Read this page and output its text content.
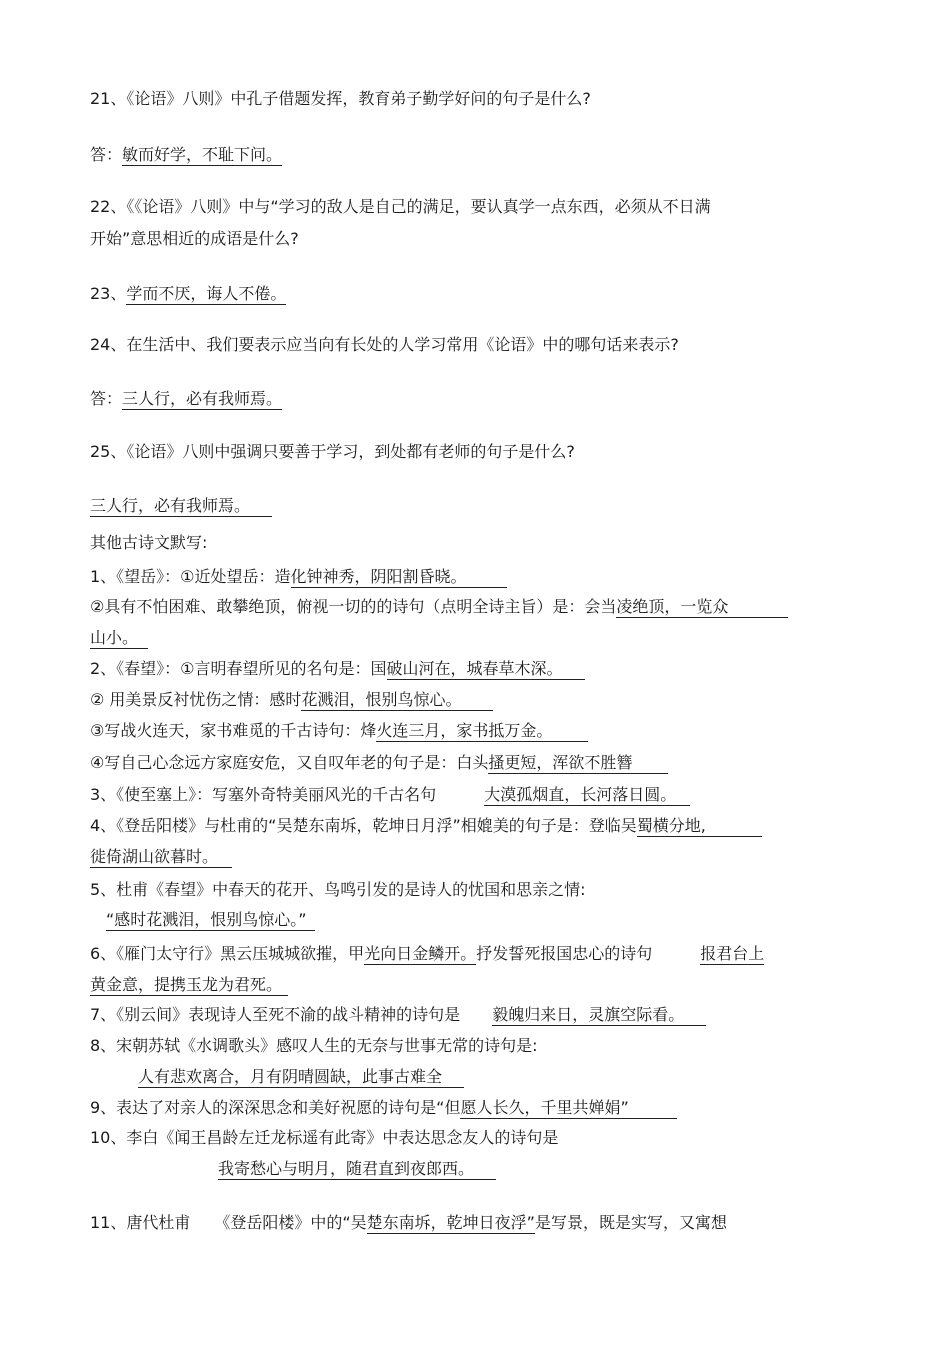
21、《论语》八则》中孔子借题发挥，教育弟子勤学好问的句子是什么?
答：敏而好学，不耻下问。
22、《《论语》八则》中与“学习的敌人是自己的满足，要认真学一点东西，必须从不日满
开始”意思相近的成语是什么?
23、学而不厌，诲人不倦。
24、在生活中、我们要表示应当向有长处的人学习常用《论语》中的哪句话来表示?
答：三人行，必有我师焉。
25、《论语》八则中强调只要善于学习，到处都有老师的句子是什么?
三人行，必有我师焉。
其他古诗文默写:
1、《望岳》：①近处望岳：造化钟神秀，阴阳割昏晓。
②具有不怕困难、敢攀绝顶，俯视一切的的诗句（点明全诗主旨）是：会当凌绝顶，一览众
山小。
2、《春望》：①言明春望所见的名句是：国破山河在，城春草木深。
② 用美景反衬忧伤之情：感时花溅泪，恨别鸟惊心。
③写战火连天，家书难觅的千古诗句：烽火连三月，家书抵万金。
④写自己心念远方家庭安危，又自叹年老的句子是：白头搔更短，浑欲不胜簪
3、《使至塞上》：写塞外奇特美丽风光的千古名句　　　大漠孤烟直，长河落日圆。
4、《登岳阳楼》与杜甫的“吴楚东南坼，乾坤日月浮”相媲美的句子是：登临吴蜀横分地,
徙倚湖山欲暮时。
5、杜甫《春望》中春天的花开、鸟鸣引发的是诗人的忧国和思亲之情:
　“感时花溅泪，恨别鸟惊心。”
6、《雁门太守行》黑云压城城欲摧，甲光向日金鳞开。抒发誓死报国忠心的诗句　　　报君台上
黄金意，提携玉龙为君死。
7、《别云间》表现诗人至死不渝的战斗精神的诗句是　　毅魄归来日，灵旗空际看。
8、宋朝苏轼《水调歌头》感叹人生的无奈与世事无常的诗句是:
　　　人有悲欢离合，月有阴晴圆缺，此事古难全
9、表达了对亲人的深深思念和美好祝愿的诗句是“但愿人长久，千里共婵娟”
10、李白《闻王昌龄左迁龙标遥有此寄》中表达思念友人的诗句是
　　　　　　　　我寄愁心与明月，随君直到夜郎西。
11、唐代杜甫　　《登岳阳楼》中的“吴楚东南坼，乾坤日夜浮”是写景，既是实写，又寓想
